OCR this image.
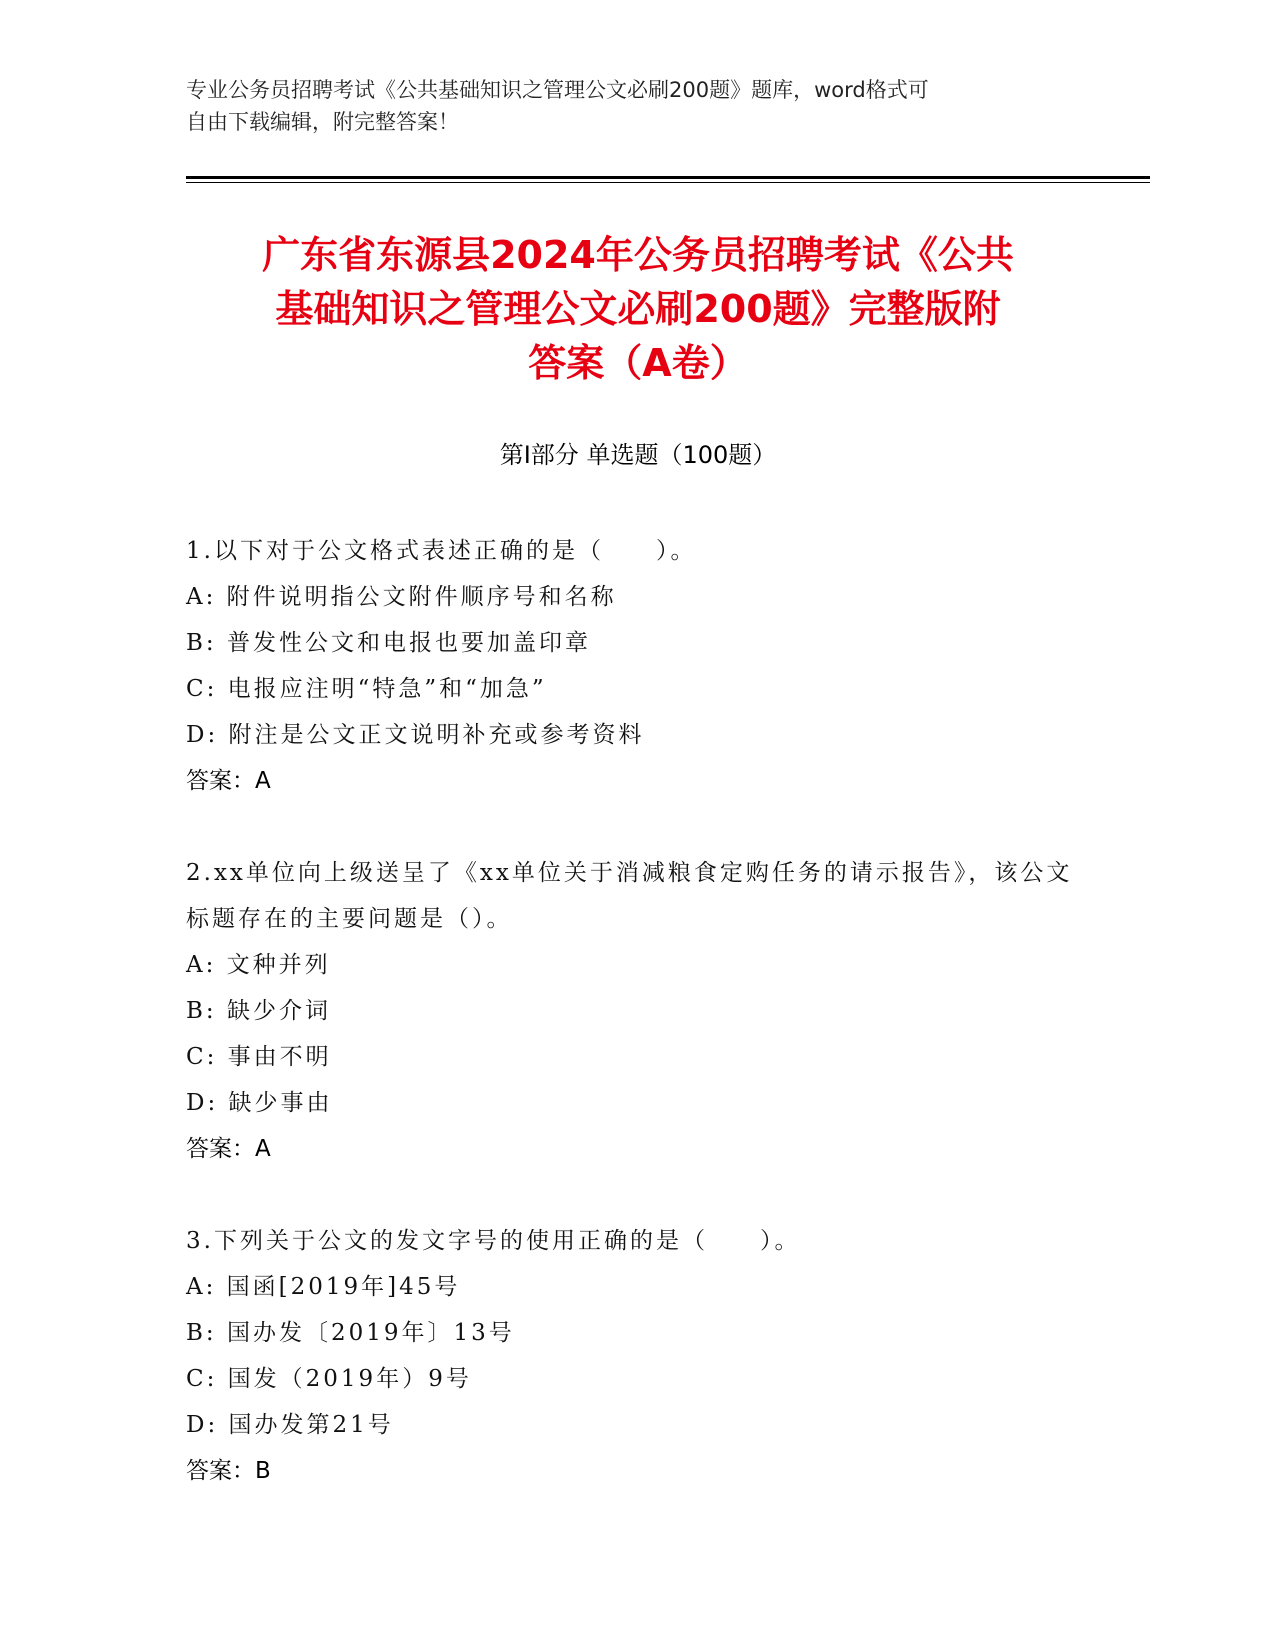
专业公务员招聘考试《公共基础知识之管理公文必刷200题》题库，word格式可
自由下载编辑，附完整答案！
广东省东源县2024年公务员招聘考试《公共
基础知识之管理公文必刷200题》完整版附
答案（A卷）
第I部分 单选题（100题）
1.以下对于公文格式表述正确的是（　　）。
A: 附件说明指公文附件顺序号和名称
B: 普发性公文和电报也要加盖印章
C: 电报应注明“特急”和“加急”
D: 附注是公文正文说明补充或参考资料
答案：A
2.xx单位向上级送呈了《xx单位关于消减粮食定购任务的请示报告》，该公文标题存在的主要问题是（）。
A: 文种并列
B: 缺少介词
C: 事由不明
D: 缺少事由
答案：A
3.下列关于公文的发文字号的使用正确的是（　　）。
A: 国函[2019年]45号
B: 国办发〔2019年〕13号
C: 国发（2019年）9号
D: 国办发第21号
答案：B
